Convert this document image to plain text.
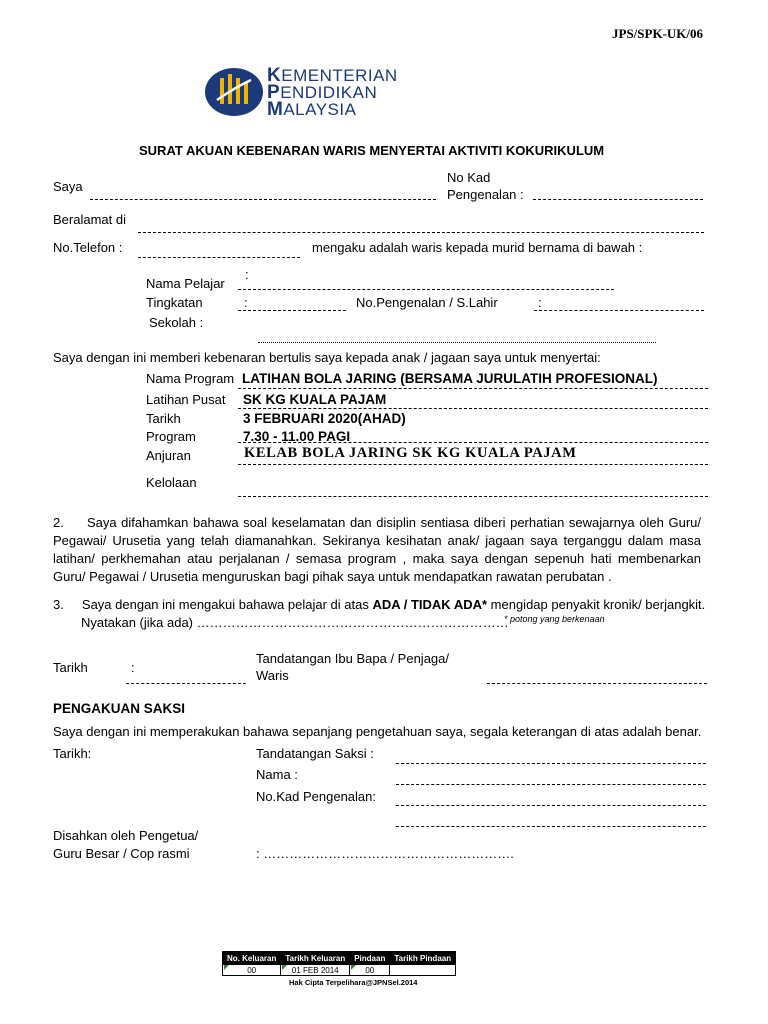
JPS/SPK-UK/06
KEMENTERIAN
PENDIDIKAN
MALAYSIA
SURAT AKUAN KEBENARAN WARIS MENYERTAI AKTIVITI KOKURIKULUM
Saya
No Kad
Pengenalan :
Beralamat di
No.Telefon :	mengaku adalah waris kepada murid bernama di bawah :
:
Nama Pelajar
Tingkatan	:	No.Pengenalan / S.Lahir	:
Sekolah :
Saya dengan ini memberi kebenaran bertulis saya kepada anak / jagaan saya untuk menyertai:
Nama Program LATIHAN BOLA JARING (BERSAMA JURULATIH PROFESIONAL)
Latihan Pusat SK KG KUALA PAJAM
Tarikh	3 FEBRUARI 2020(AHAD)
Program	7.30 - 11.00 PAGI
Anjuran	KELAB BOLA JARING SK KG KUALA PAJAM
Kelolaan
2. Saya difahamkan bahawa soal keselamatan dan disiplin sentiasa diberi perhatian sewajarnya oleh Guru/ Pegawai/ Urusetia yang telah diamanahkan. Sekiranya kesihatan anak/ jagaan saya terganggu dalam masa latihan/ perkhemahan atau perjalanan / semasa program , maka saya dengan sepenuh hati membenarkan Guru/ Pegawai / Urusetia menguruskan bagi pihak saya untuk mendapatkan rawatan perubatan .
3. Saya dengan ini mengakui bahawa pelajar di atas ADA / TIDAK ADA* mengidap penyakit kronik/ berjangkit.
Nyatakan (jika ada) ………………………………………………………………
* potong yang berkenaan
Tandatangan Ibu Bapa / Penjaga/
Waris
Tarikh	:
PENGAKUAN SAKSI
Saya dengan ini memperakukan bahawa sepanjang pengetahuan saya, segala keterangan di atas adalah benar.
Tarikh:	Tandatangan Saksi :
Nama :
No.Kad Pengenalan:
Disahkan oleh Pengetua/
Guru Besar / Cop rasmi	: ………………………………………………….
No. Keluaran	Tarikh Keluaran	Pindaan	Tarikh Pindaan

00	01 FEB 2014	00	
Hak Cipta Terpelihara@JPNSel.2014
